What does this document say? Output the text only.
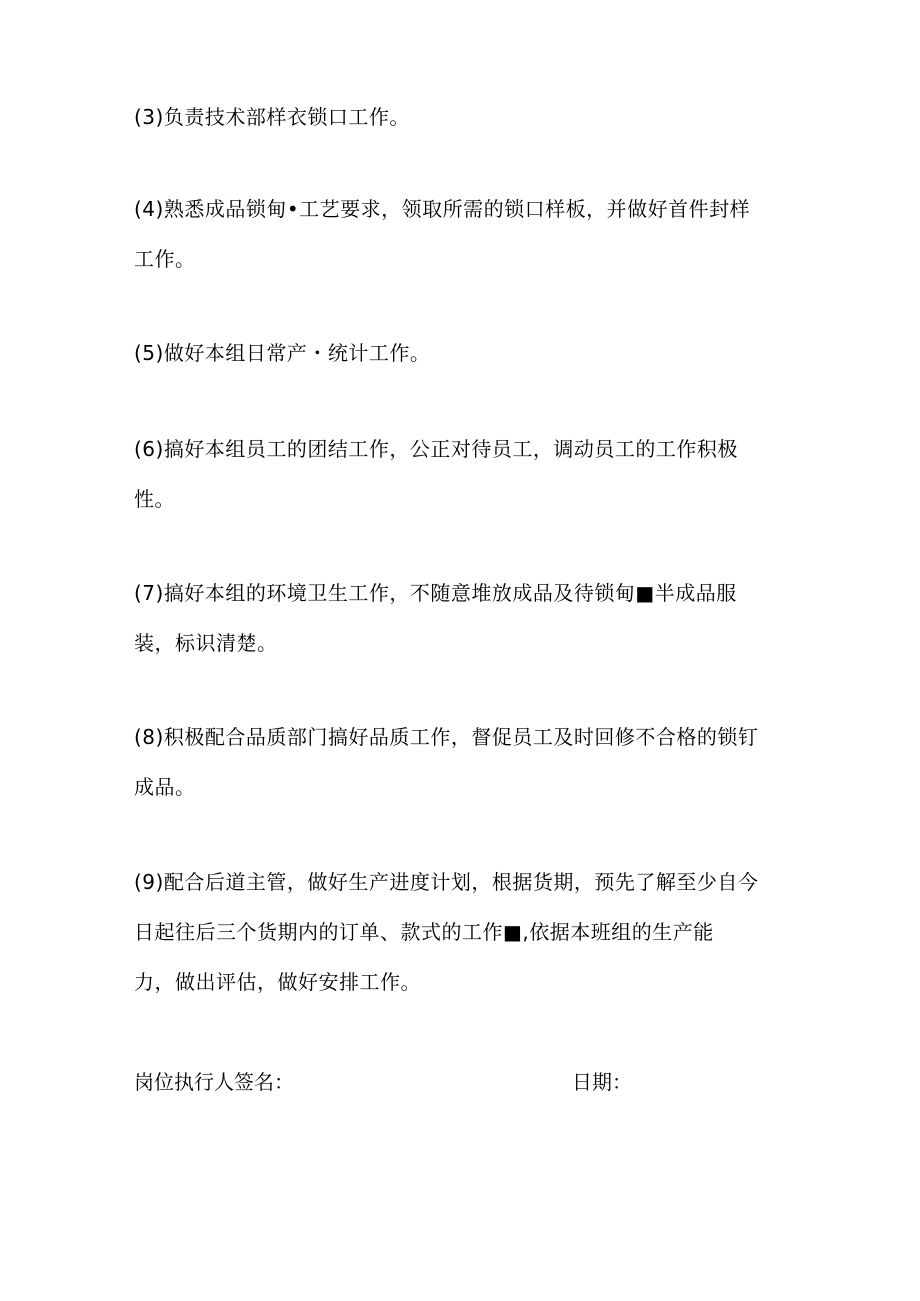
(3)负责技术部样衣锁口工作。
(4)熟悉成品锁甸•工艺要求，领取所需的锁口样板，并做好首件封样
工作。
(5)做好本组日常产・统计工作。
(6)搞好本组员工的团结工作，公正对待员工，调动员工的工作积极
性。
(7)搞好本组的环境卫生工作，不随意堆放成品及待锁甸■半成品服
装，标识清楚。
(8)积极配合品质部门搞好品质工作，督促员工及时回修不合格的锁钉
成品。
(9)配合后道主管，做好生产进度计划，根据货期，预先了解至少自今
日起往后三个货期内的订单、款式的工作■,依据本班组的生产能
力，做出评估，做好安排工作。
岗位执行人签名：	日期：
